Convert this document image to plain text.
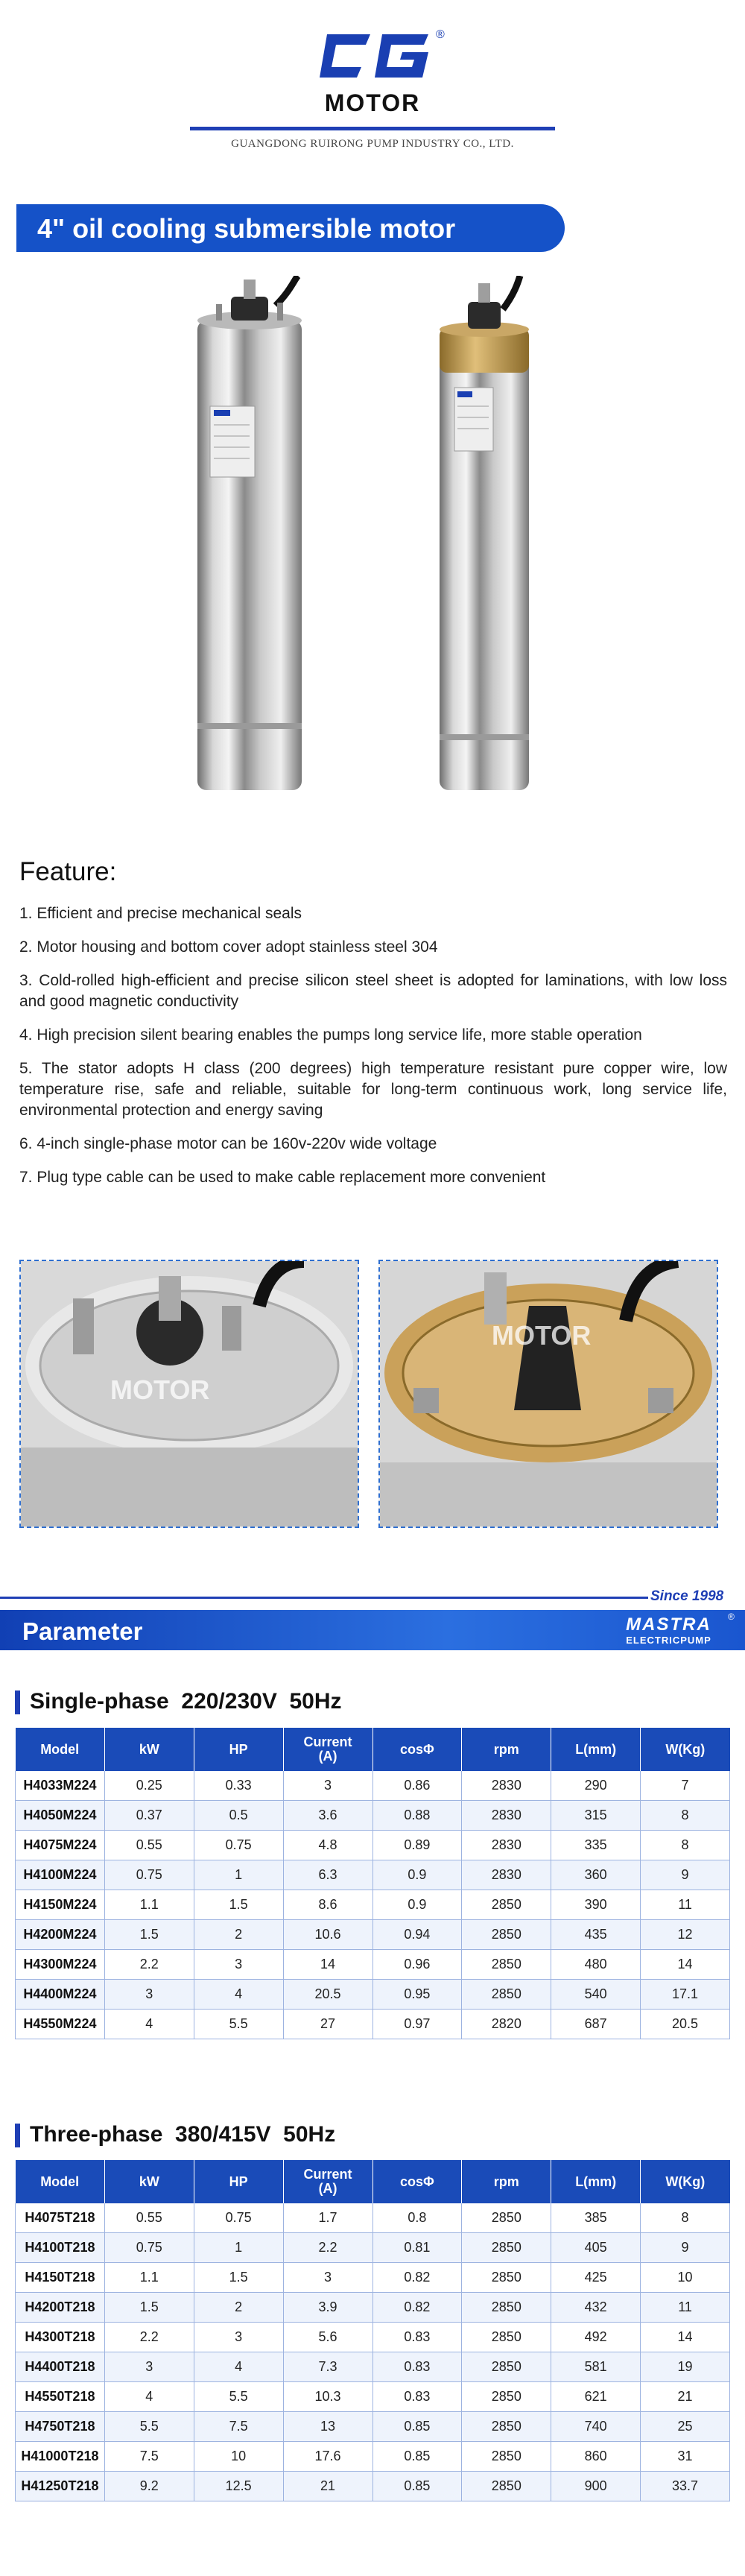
®
MOTOR
GUANGDONG RUIRONG PUMP INDUSTRY CO., LTD.
4" oil cooling submersible motor
Feature:
1. Efficient and precise mechanical seals
2. Motor housing and bottom cover adopt stainless steel 304
3. Cold-rolled high-efficient and precise silicon steel sheet is adopted for laminations, with low loss and good magnetic conductivity
4. High precision silent bearing enables the pumps long service life, more stable operation
5. The stator adopts H class (200 degrees) high temperature resistant pure copper wire, low temperature rise, safe and reliable, suitable for long-term continuous work, long service life, environmental protection and energy saving
6. 4-inch single-phase motor can be 160v-220v wide voltage
7. Plug type cable can be used to make cable replacement more convenient
MOTOR
MOTOR
Since 1998
Parameter	MASTRA	®
ELECTRICPUMP
Single-phase  220/230V  50Hz
Model	kW	HP	Current (A)	cosΦ	rpm	L(mm)	W(Kg)
H4033M224	0.25	0.33	3	0.86	2830	290	7
H4050M224	0.37	0.5	3.6	0.88	2830	315	8
H4075M224	0.55	0.75	4.8	0.89	2830	335	8
H4100M224	0.75	1	6.3	0.9	2830	360	9
H4150M224	1.1	1.5	8.6	0.9	2850	390	11
H4200M224	1.5	2	10.6	0.94	2850	435	12
H4300M224	2.2	3	14	0.96	2850	480	14
H4400M224	3	4	20.5	0.95	2850	540	17.1
H4550M224	4	5.5	27	0.97	2820	687	20.5
Three-phase  380/415V  50Hz
Model	kW	HP	Current (A)	cosΦ	rpm	L(mm)	W(Kg)
H4075T218	0.55	0.75	1.7	0.8	2850	385	8
H4100T218	0.75	1	2.2	0.81	2850	405	9
H4150T218	1.1	1.5	3	0.82	2850	425	10
H4200T218	1.5	2	3.9	0.82	2850	432	11
H4300T218	2.2	3	5.6	0.83	2850	492	14
H4400T218	3	4	7.3	0.83	2850	581	19
H4550T218	4	5.5	10.3	0.83	2850	621	21
H4750T218	5.5	7.5	13	0.85	2850	740	25
H41000T218	7.5	10	17.6	0.85	2850	860	31
H41250T218	9.2	12.5	21	0.85	2850	900	33.7
